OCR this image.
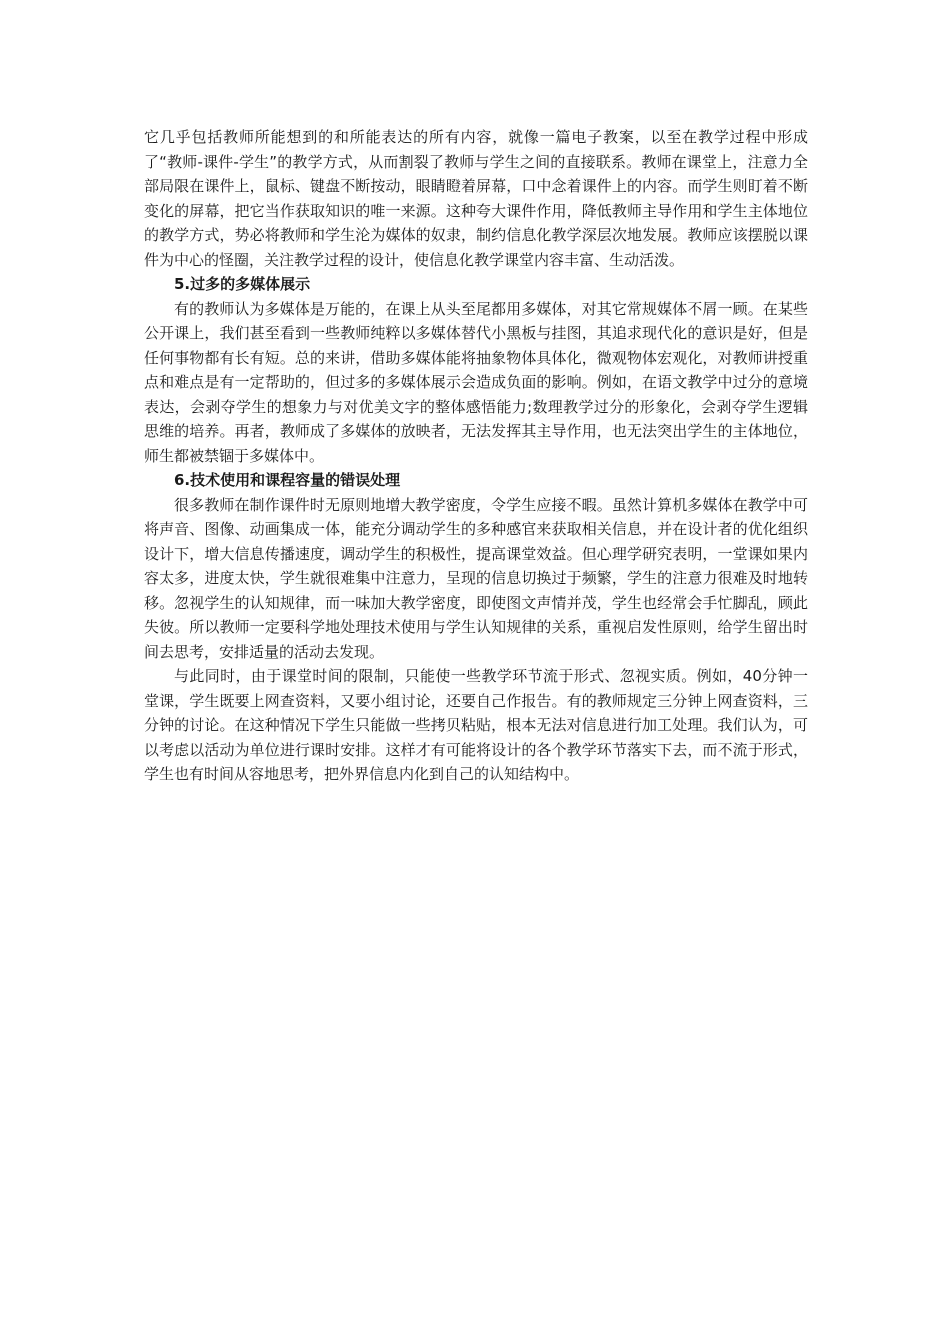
它几乎包括教师所能想到的和所能表达的所有内容，就像一篇电子教案，以至在教学过程中形成了“教师-课件-学生”的教学方式，从而割裂了教师与学生之间的直接联系。教师在课堂上，注意力全部局限在课件上，鼠标、键盘不断按动，眼睛瞪着屏幕，口中念着课件上的内容。而学生则盯着不断变化的屏幕，把它当作获取知识的唯一来源。这种夸大课件作用，降低教师主导作用和学生主体地位的教学方式，势必将教师和学生沦为媒体的奴隶，制约信息化教学深层次地发展。教师应该摆脱以课件为中心的怪圈，关注教学过程的设计，使信息化教学课堂内容丰富、生动活泼。

5.过多的多媒体展示

有的教师认为多媒体是万能的，在课上从头至尾都用多媒体，对其它常规媒体不屑一顾。在某些公开课上，我们甚至看到一些教师纯粹以多媒体替代小黑板与挂图，其追求现代化的意识是好，但是任何事物都有长有短。总的来讲，借助多媒体能将抽象物体具体化，微观物体宏观化，对教师讲授重点和难点是有一定帮助的，但过多的多媒体展示会造成负面的影响。例如，在语文教学中过分的意境表达，会剥夺学生的想象力与对优美文字的整体感悟能力;数理教学过分的形象化，会剥夺学生逻辑思维的培养。再者，教师成了多媒体的放映者，无法发挥其主导作用，也无法突出学生的主体地位，师生都被禁锢于多媒体中。

6.技术使用和课程容量的错误处理

很多教师在制作课件时无原则地增大教学密度，令学生应接不暇。虽然计算机多媒体在教学中可将声音、图像、动画集成一体，能充分调动学生的多种感官来获取相关信息，并在设计者的优化组织设计下，增大信息传播速度，调动学生的积极性，提高课堂效益。但心理学研究表明，一堂课如果内容太多，进度太快，学生就很难集中注意力，呈现的信息切换过于频繁，学生的注意力很难及时地转移。忽视学生的认知规律，而一味加大教学密度，即使图文声情并茂，学生也经常会手忙脚乱，顾此失彼。所以教师一定要科学地处理技术使用与学生认知规律的关系，重视启发性原则，给学生留出时间去思考，安排适量的活动去发现。

与此同时，由于课堂时间的限制，只能使一些教学环节流于形式、忽视实质。例如，40分钟一堂课，学生既要上网查资料，又要小组讨论，还要自己作报告。有的教师规定三分钟上网查资料，三分钟的讨论。在这种情况下学生只能做一些拷贝粘贴，根本无法对信息进行加工处理。我们认为，可以考虑以活动为单位进行课时安排。这样才有可能将设计的各个教学环节落实下去，而不流于形式，学生也有时间从容地思考，把外界信息内化到自己的认知结构中。
